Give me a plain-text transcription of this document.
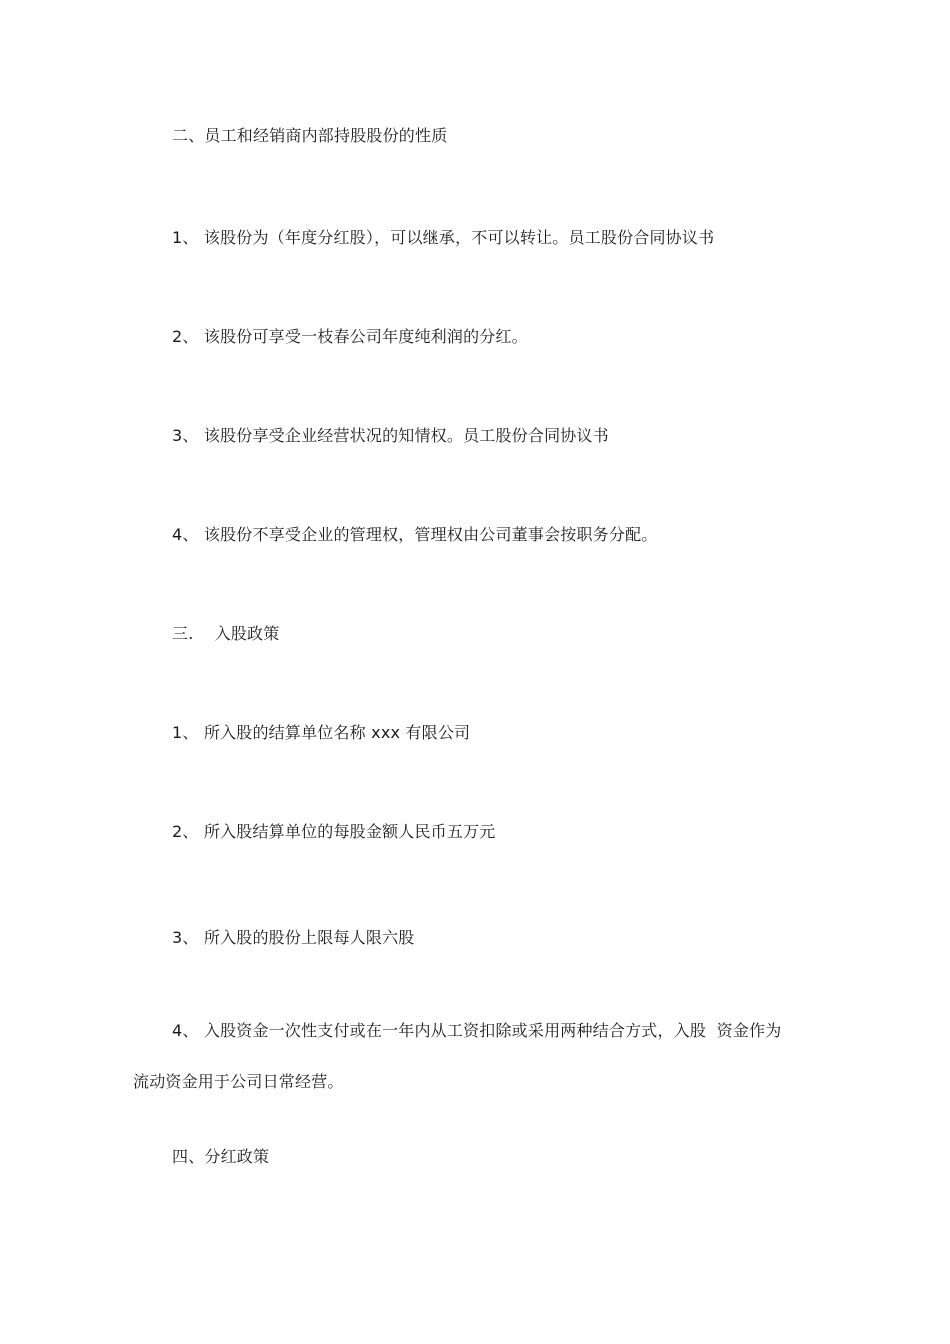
二、员工和经销商内部持股股份的性质
1、 该股份为（年度分红股），可以继承，不可以转让。员工股份合同协议书
2、 该股份可享受一枝春公司年度纯利润的分红。
3、 该股份享受企业经营状况的知情权。员工股份合同协议书
4、 该股份不享受企业的管理权，管理权由公司董事会按职务分配。
三.    入股政策
1、 所入股的结算单位名称 xxx 有限公司
2、 所入股结算单位的每股金额人民币五万元
3、 所入股的股份上限每人限六股
4、 入股资金一次性支付或在一年内从工资扣除或采用两种结合方式，入股  资金作为
流动资金用于公司日常经营。
四、分红政策
